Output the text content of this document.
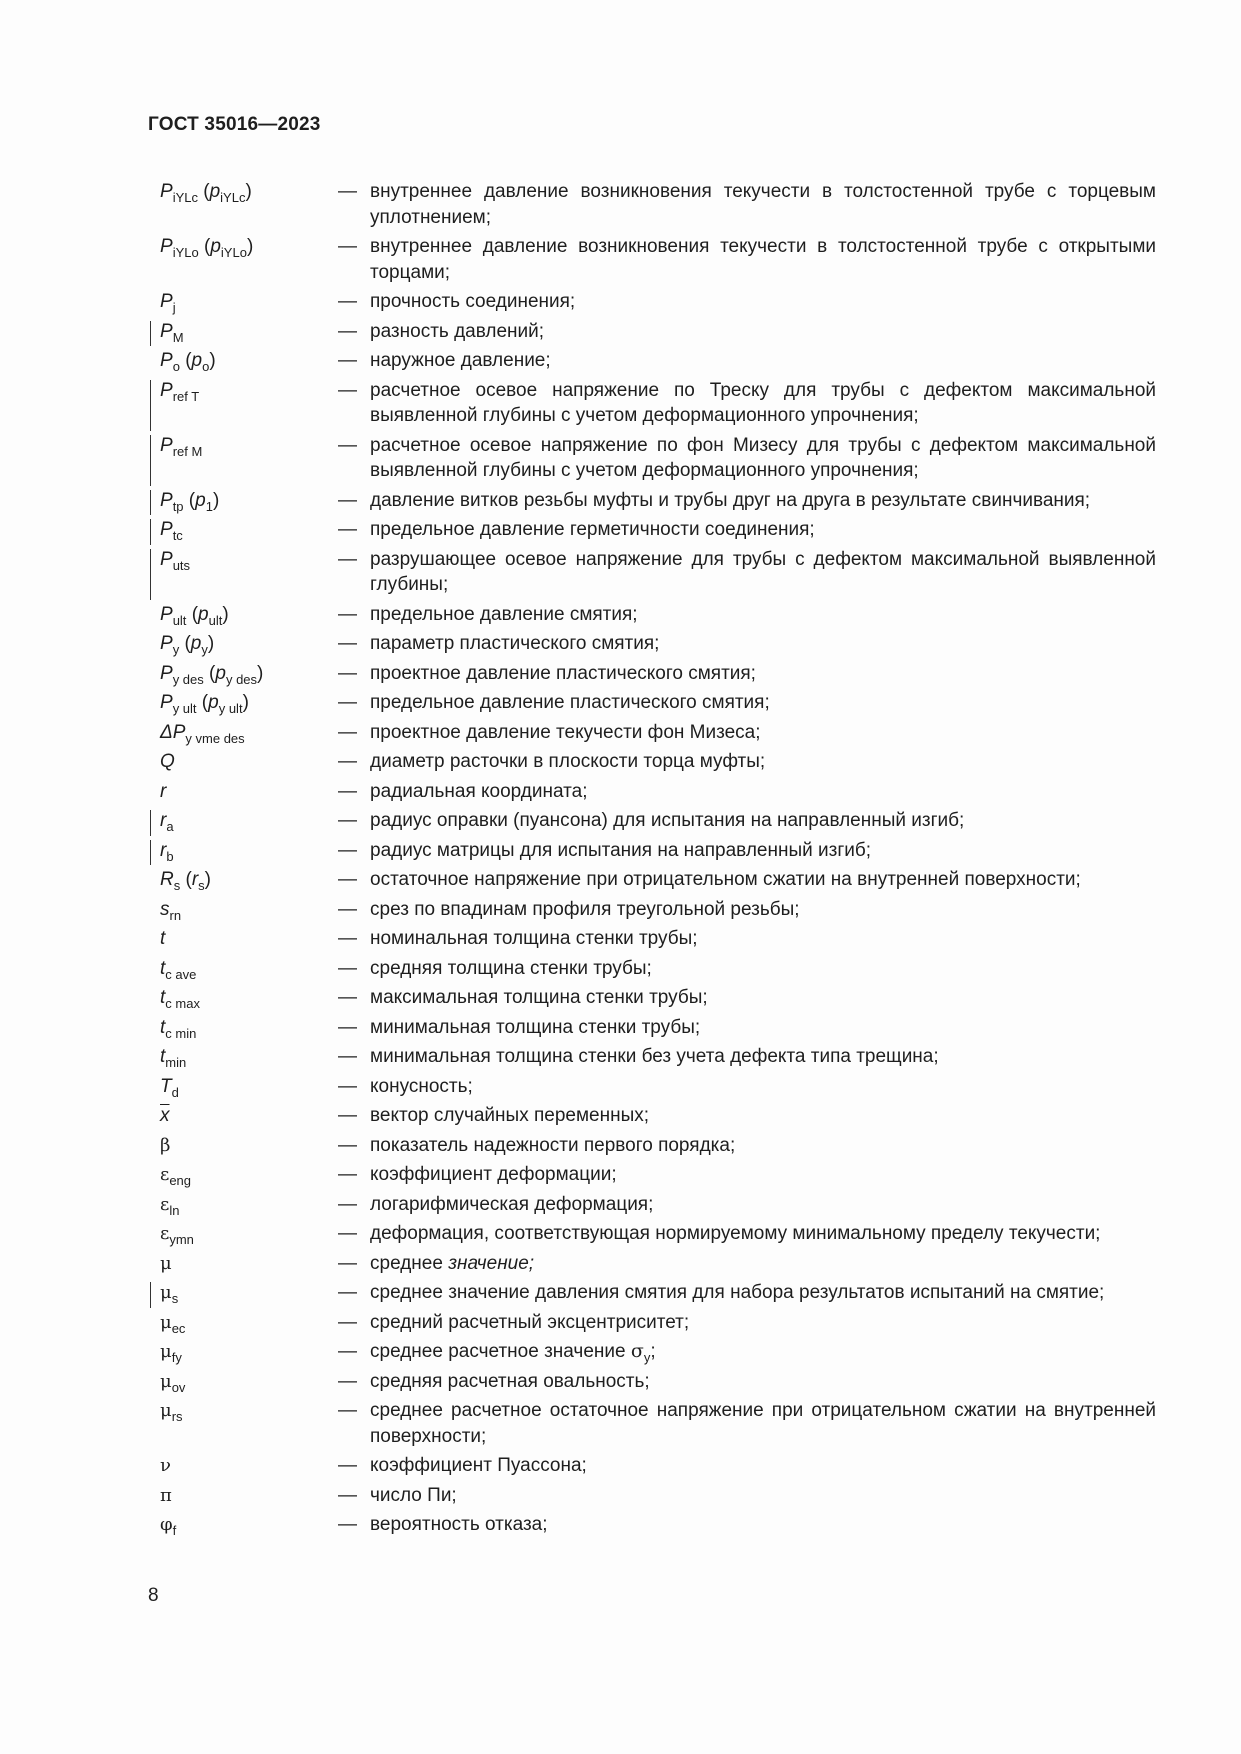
ГОСТ 35016—2023
$P_{iYLc}$ $(p_{iYLc})$	— внутреннее давление возникновения текучести в толстостенной трубе с торцевым уплотнением;
$P_{iYLo}$ $(p_{iYLo})$	— внутреннее давление возникновения текучести в толстостенной трубе с открытыми торцами;
$P_j$	— прочность соединения;
$P_M$	— разность давлений;
$P_o$ $(p_o)$	— наружное давление;
$P_{ref T}$	— расчетное осевое напряжение по Треску для трубы с дефектом максимальной выявленной глубины с учетом деформационного упрочнения;
$P_{ref M}$	— расчетное осевое напряжение по фон Мизесу для трубы с дефектом максимальной выявленной глубины с учетом деформационного упрочнения;
$P_{tp}$ $(p_1)$	— давление витков резьбы муфты и трубы друг на друга в результате свинчивания;
$P_{tc}$	— предельное давление герметичности соединения;
$P_{uts}$	— разрушающее осевое напряжение для трубы с дефектом максимальной выявленной глубины;
$P_{ult}$ $(p_{ult})$	— предельное давление смятия;
$P_y$ $(p_y)$	— параметр пластического смятия;
$P_{y des}$ $(p_{y des})$	— проектное давление пластического смятия;
$P_{y ult}$ $(p_{y ult})$	— предельное давление пластического смятия;
$\Delta P_{y vme des}$	— проектное давление текучести фон Мизеса;
Q	— диаметр расточки в плоскости торца муфты;
r	— радиальная координата;
$r_a$	— радиус оправки (пуансона) для испытания на направленный изгиб;
$r_b$	— радиус матрицы для испытания на направленный изгиб;
$R_s$ $(r_s)$	— остаточное напряжение при отрицательном сжатии на внутренней поверхности;
$s_{rn}$	— срез по впадинам профиля треугольной резьбы;
t	— номинальная толщина стенки трубы;
$t_{c ave}$	— средняя толщина стенки трубы;
$t_{c max}$	— максимальная толщина стенки трубы;
$t_{c min}$	— минимальная толщина стенки трубы;
$t_{min}$	— минимальная толщина стенки без учета дефекта типа трещина;
$T_d$	— конусность;
$\overline{x}$	— вектор случайных переменных;
β	— показатель надежности первого порядка;
$\varepsilon_{eng}$	— коэффициент деформации;
$\varepsilon_{ln}$	— логарифмическая деформация;
$\varepsilon_{ymn}$	— деформация, соответствующая нормируемому минимальному пределу текучести;
μ	— среднее значение;
$\mu_s$	— среднее значение давления смятия для набора результатов испытаний на смятие;
$\mu_{ec}$	— средний расчетный эксцентриситет;
$\mu_{fy}$	— среднее расчетное значение $\sigma_y$;
$\mu_{ov}$	— средняя расчетная овальность;
$\mu_{rs}$	— среднее расчетное остаточное напряжение при отрицательном сжатии на внутренней поверхности;
ν	— коэффициент Пуассона;
π	— число Пи;
$\varphi_f$	— вероятность отказа;
8
